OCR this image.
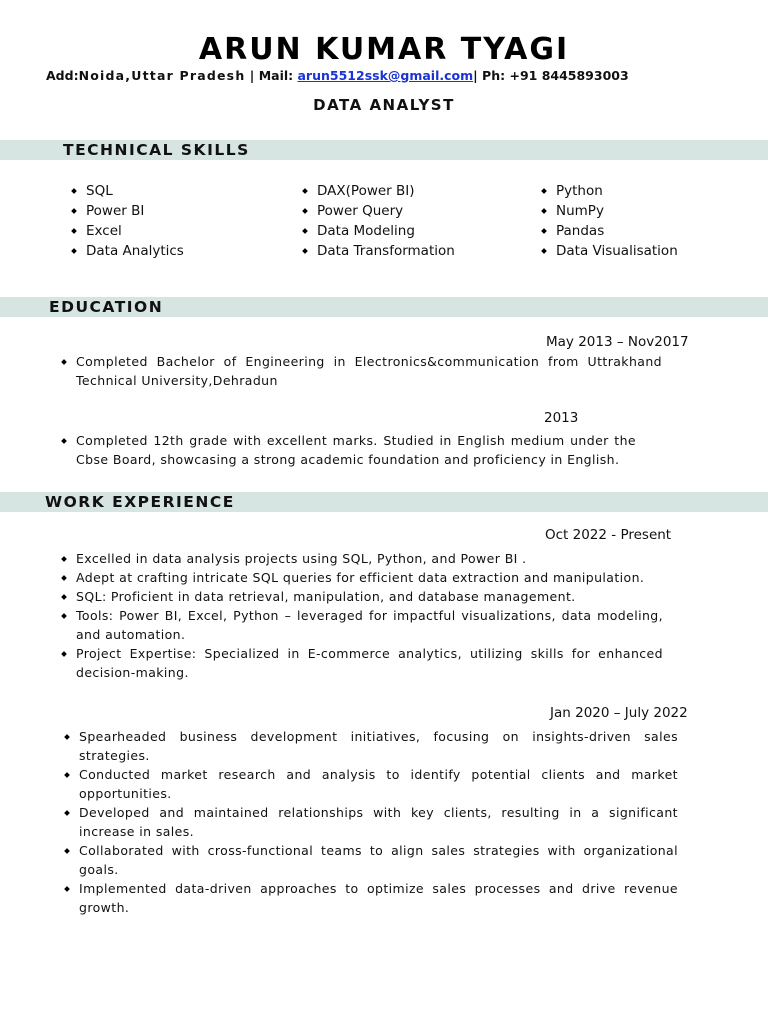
ARUN KUMAR TYAGI
Add:Noida,Uttar Pradesh | Mail: arun5512ssk@gmail.com| Ph: +91 8445893003
DATA ANALYST
TECHNICAL SKILLS
SQL
Power BI
Excel
Data Analytics
DAX(Power BI)
Power Query
Data Modeling
Data Transformation
Python
NumPy
Pandas
Data Visualisation
EDUCATION
May 2013 – Nov2017
Completed Bachelor of Engineering in Electronics&communication from Uttrakhand Technical University,Dehradun
2013
Completed 12th grade with excellent marks. Studied in English medium under the Cbse Board, showcasing a strong academic foundation and proficiency in English.
WORK EXPERIENCE
Oct 2022 - Present
Excelled in data analysis projects using SQL, Python, and Power BI .
Adept at crafting intricate SQL queries for efficient data extraction and manipulation.
SQL: Proficient in data retrieval, manipulation, and database management.
Tools: Power BI, Excel, Python – leveraged for impactful visualizations, data modeling, and automation.
Project Expertise: Specialized in E-commerce analytics, utilizing skills for enhanced decision-making.
Jan 2020 – July 2022
Spearheaded business development initiatives, focusing on insights-driven sales strategies.
Conducted market research and analysis to identify potential clients and market opportunities.
Developed and maintained relationships with key clients, resulting in a significant increase in sales.
Collaborated with cross-functional teams to align sales strategies with organizational goals.
Implemented data-driven approaches to optimize sales processes and drive revenue growth.
